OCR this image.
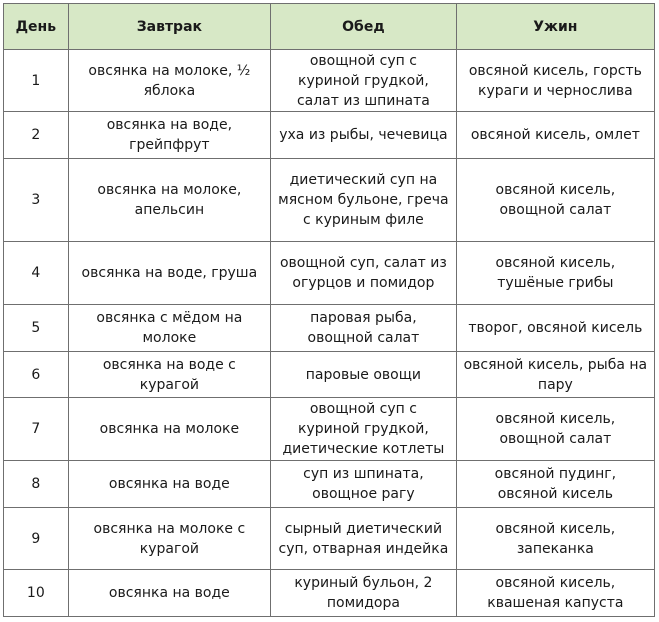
День	Завтрак	Обед	Ужин
1	овсянка на молоке, ½ яблока	овощной суп с куриной грудкой, салат из шпината	овсяной кисель, горсть кураги и чернослива
2	овсянка на воде, грейпфрут	уха из рыбы, чечевица	овсяной кисель, омлет
3	овсянка на молоке, апельсин	диетический суп на мясном бульоне, греча с куриным филе	овсяной кисель, овощной салат
4	овсянка на воде, груша	овощной суп, салат из огурцов и помидор	овсяной кисель, тушёные грибы
5	овсянка с мёдом на молоке	паровая рыба, овощной салат	творог, овсяной кисель
6	овсянка на воде с курагой	паровые овощи	овсяной кисель, рыба на пару
7	овсянка на молоке	овощной суп с куриной грудкой, диетические котлеты	овсяной кисель, овощной салат
8	овсянка на воде	суп из шпината, овощное рагу	овсяной пудинг, овсяной кисель
9	овсянка на молоке с курагой	сырный диетический суп, отварная индейка	овсяной кисель, запеканка
10	овсянка на воде	куриный бульон, 2 помидора	овсяной кисель, квашеная капуста
